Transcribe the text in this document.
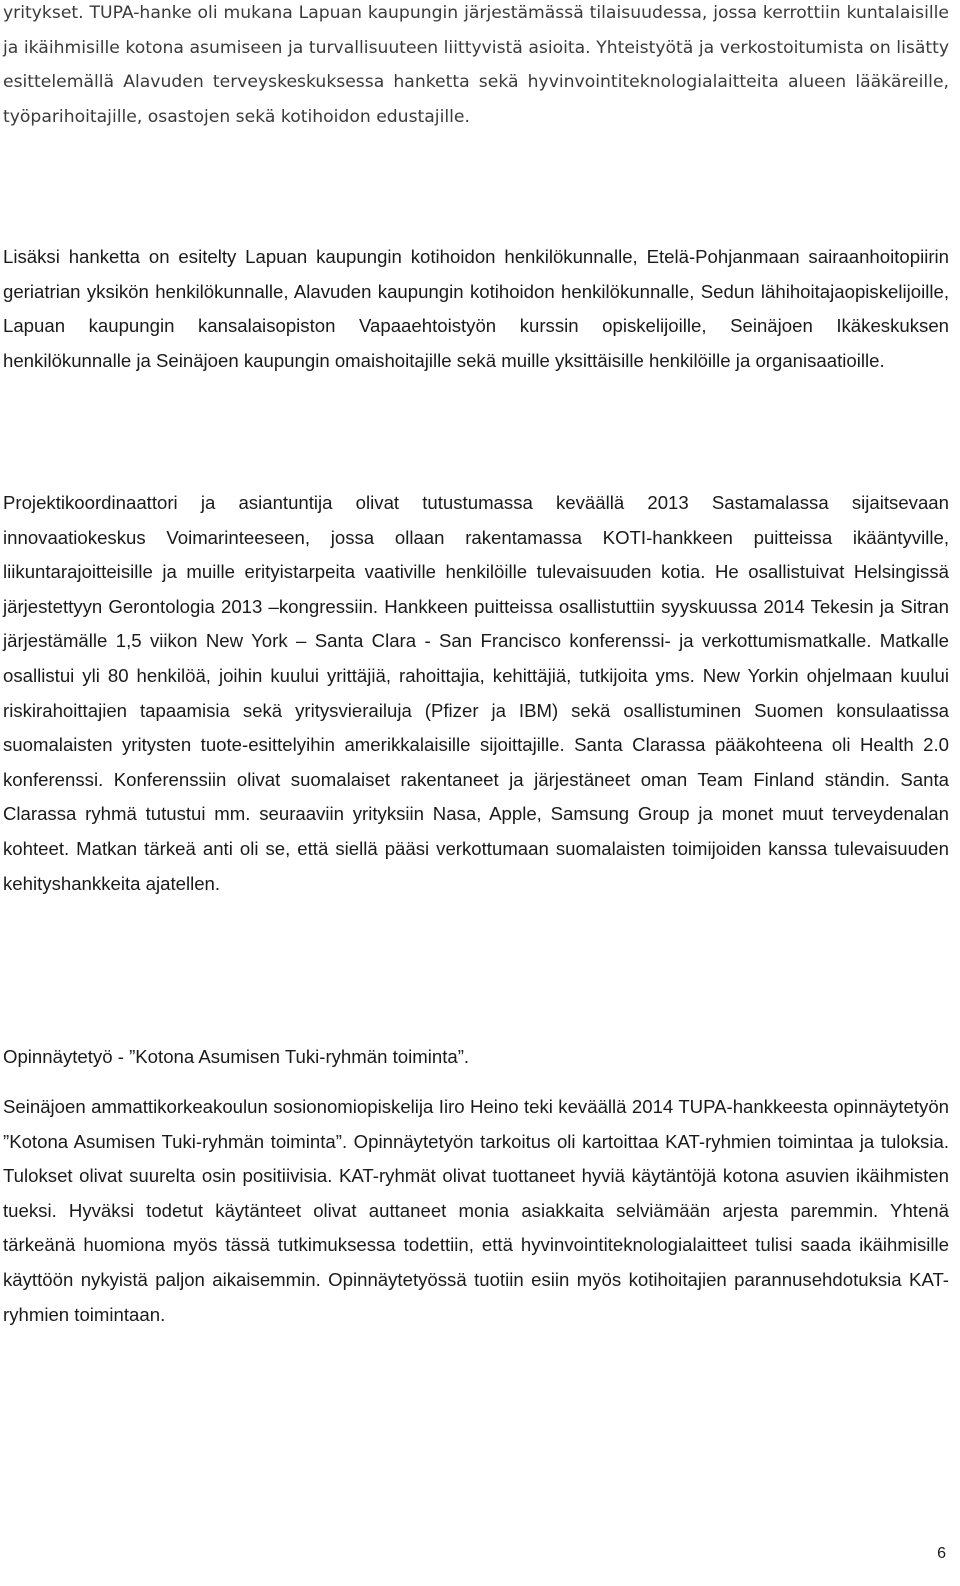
yritykset. TUPA-hanke oli mukana Lapuan kaupungin järjestämässä tilaisuudessa, jossa kerrottiin kuntalaisille ja ikäihmisille kotona asumiseen ja turvallisuuteen liittyvistä asioita. Yhteistyötä ja verkostoitumista on lisätty esittelemällä Alavuden terveyskeskuksessa hanketta sekä hyvinvointiteknologialaitteita alueen lääkäreille, työparihoitajille, osastojen sekä kotihoidon edustajille.

Lisäksi hanketta on esitelty Lapuan kaupungin kotihoidon henkilökunnalle, Etelä-Pohjanmaan sairaanhoitopiirin geriatrian yksikön henkilökunnalle, Alavuden kaupungin kotihoidon henkilökunnalle, Sedun lähihoitajaopiskelijoille, Lapuan kaupungin kansalaisopiston Vapaaehtoistyön kurssin opiskelijoille, Seinäjoen Ikäkeskuksen henkilökunnalle ja Seinäjoen kaupungin omaishoitajille sekä muille yksittäisille henkilöille ja organisaatioille.

Projektikoordinaattori ja asiantuntija olivat tutustumassa keväällä 2013 Sastamalassa sijaitsevaan innovaatiokeskus Voimarinteeseen, jossa ollaan rakentamassa KOTI-hankkeen puitteissa ikääntyville, liikuntarajoitteisille ja muille erityistarpeita vaativille henkilöille tulevaisuuden kotia. He osallistuivat Helsingissä järjestettyyn Gerontologia 2013 –kongressiin. Hankkeen puitteissa osallistuttiin syyskuussa 2014 Tekesin ja Sitran järjestämälle 1,5 viikon New York – Santa Clara - San Francisco konferenssi- ja verkottumismatkalle. Matkalle osallistui yli 80 henkilöä, joihin kuului yrittäjiä, rahoittajia, kehittäjiä, tutkijoita yms. New Yorkin ohjelmaan kuului riskirahoittajien tapaamisia sekä yritysvierailuja (Pfizer ja IBM) sekä osallistuminen Suomen konsulaatissa suomalaisten yritysten tuote-esittelyihin amerikkalaisille sijoittajille. Santa Clarassa pääkohteena oli Health 2.0 konferenssi. Konferenssiin olivat suomalaiset rakentaneet ja järjestäneet oman Team Finland ständin. Santa Clarassa ryhmä tutustui mm. seuraaviin yrityksiin Nasa, Apple, Samsung Group ja monet muut terveydenalan kohteet. Matkan tärkeä anti oli se, että siellä pääsi verkottumaan suomalaisten toimijoiden kanssa tulevaisuuden kehityshankkeita ajatellen.

Opinnäytetyö - ”Kotona Asumisen Tuki-ryhmän toiminta”.

Seinäjoen ammattikorkeakoulun sosionomiopiskelija Iiro Heino teki keväällä 2014 TUPA-hankkeesta opinnäytetyön ”Kotona Asumisen Tuki-ryhmän toiminta”. Opinnäytetyön tarkoitus oli kartoittaa KAT-ryhmien toimintaa ja tuloksia. Tulokset olivat suurelta osin positiivisia. KAT-ryhmät olivat tuottaneet hyviä käytäntöjä kotona asuvien ikäihmisten tueksi. Hyväksi todetut käytänteet olivat auttaneet monia asiakkaita selviämään arjesta paremmin. Yhtenä tärkeänä huomiona myös tässä tutkimuksessa todettiin, että hyvinvointiteknologialaitteet tulisi saada ikäihmisille käyttöön nykyistä paljon aikaisemmin. Opinnäytetyössä tuotiin esiin myös kotihoitajien parannusehdotuksia KAT-ryhmien toimintaan.

6
